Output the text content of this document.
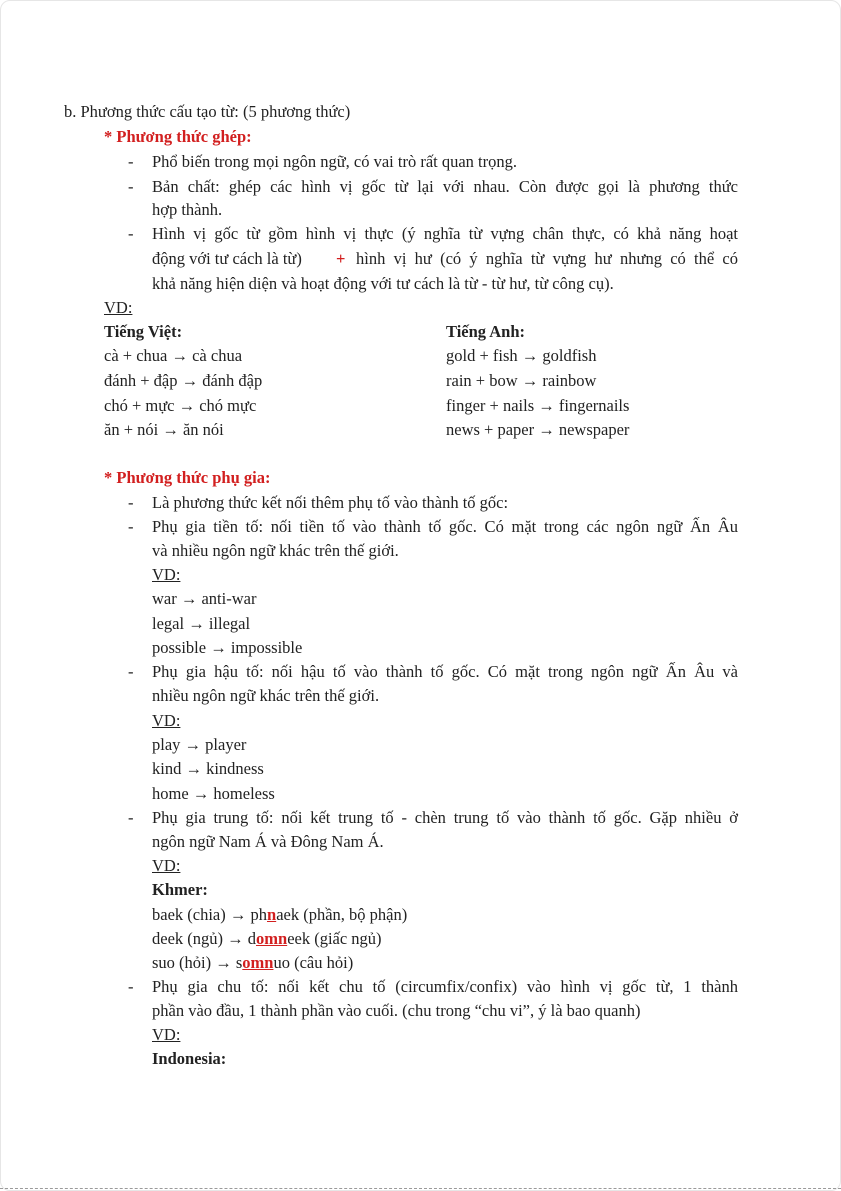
b. Phương thức cấu tạo từ: (5 phương thức)
* Phương thức ghép:
- Phổ biến trong mọi ngôn ngữ, có vai trò rất quan trọng.
- Bản chất: ghép các hình vị gốc từ lại với nhau. Còn được gọi là phương thức
hợp thành.
- Hình vị gốc từ gồm hình vị thực (ý nghĩa từ vựng chân thực, có khả năng hoạt
động với tư cách là từ) + hình vị hư (có ý nghĩa từ vựng hư nhưng có thể có
khả năng hiện diện và hoạt động với tư cách là từ - từ hư, từ công cụ).
VD:
Tiếng Việt:
cà + chua → cà chua
đánh + đập → đánh đập
chó + mực → chó mực
ăn + nói → ăn nói
Tiếng Anh:
gold + fish → goldfish
rain + bow → rainbow
finger + nails → fingernails
news + paper → newspaper
* Phương thức phụ gia:
- Là phương thức kết nối thêm phụ tố vào thành tố gốc:
- Phụ gia tiền tố: nối tiền tố vào thành tố gốc. Có mặt trong các ngôn ngữ Ấn Âu
và nhiều ngôn ngữ khác trên thế giới.
VD:
war → anti-war
legal → illegal
possible → impossible
- Phụ gia hậu tố: nối hậu tố vào thành tố gốc. Có mặt trong ngôn ngữ Ấn Âu và
nhiều ngôn ngữ khác trên thế giới.
VD:
play → player
kind → kindness
home → homeless
- Phụ gia trung tố: nối kết trung tố - chèn trung tố vào thành tố gốc. Gặp nhiều ở
ngôn ngữ Nam Á và Đông Nam Á.
VD:
Khmer:
baek (chia) → phnaek (phần, bộ phận)
deek (ngủ) → domneek (giấc ngủ)
suo (hỏi) → somnuo (câu hỏi)
- Phụ gia chu tố: nối kết chu tố (circumfix/confix) vào hình vị gốc từ, 1 thành
phần vào đầu, 1 thành phần vào cuối. (chu trong “chu vi”, ý là bao quanh)
VD:
Indonesia:
